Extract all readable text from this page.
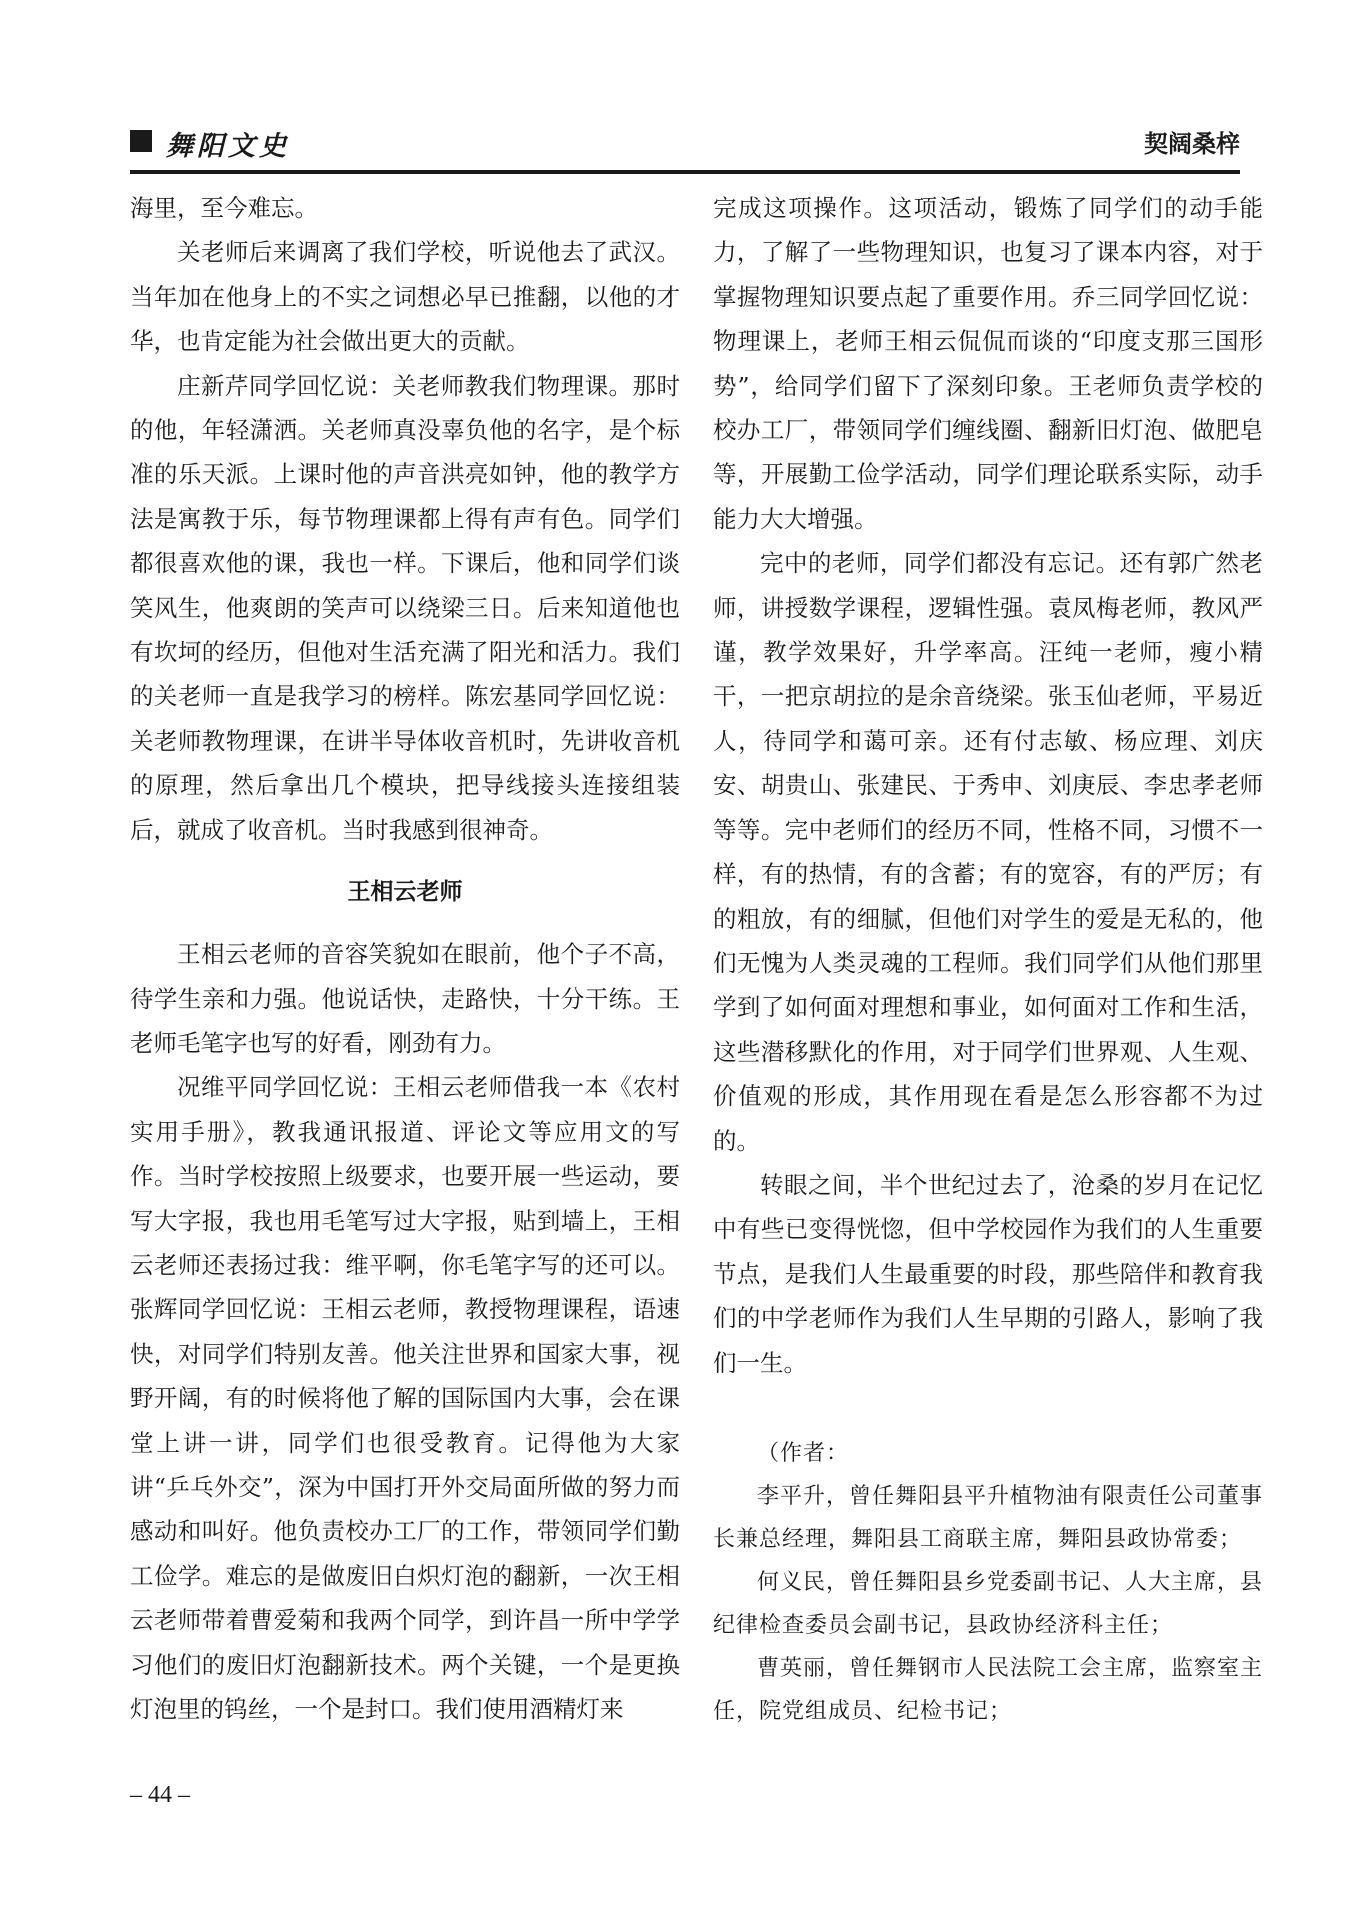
舞阳文史	契阔桑梓

海里，至今难忘。

关老师后来调离了我们学校，听说他去了武汉。当年加在他身上的不实之词想必早已推翻，以他的才华，也肯定能为社会做出更大的贡献。

庄新芹同学回忆说：关老师教我们物理课。那时的他，年轻潇洒。关老师真没辜负他的名字，是个标准的乐天派。上课时他的声音洪亮如钟，他的教学方法是寓教于乐，每节物理课都上得有声有色。同学们都很喜欢他的课，我也一样。下课后，他和同学们谈笑风生，他爽朗的笑声可以绕梁三日。后来知道他也有坎坷的经历，但他对生活充满了阳光和活力。我们的关老师一直是我学习的榜样。陈宏基同学回忆说：关老师教物理课，在讲半导体收音机时，先讲收音机的原理，然后拿出几个模块，把导线接头连接组装后，就成了收音机。当时我感到很神奇。

王相云老师

王相云老师的音容笑貌如在眼前，他个子不高，待学生亲和力强。他说话快，走路快，十分干练。王老师毛笔字也写的好看，刚劲有力。

况维平同学回忆说：王相云老师借我一本《农村实用手册》，教我通讯报道、评论文等应用文的写作。当时学校按照上级要求，也要开展一些运动，要写大字报，我也用毛笔写过大字报，贴到墙上，王相云老师还表扬过我：维平啊，你毛笔字写的还可以。张辉同学回忆说：王相云老师，教授物理课程，语速快，对同学们特别友善。他关注世界和国家大事，视野开阔，有的时候将他了解的国际国内大事，会在课堂上讲一讲，同学们也很受教育。记得他为大家讲“乒乓外交”，深为中国打开外交局面所做的努力而感动和叫好。他负责校办工厂的工作，带领同学们勤工俭学。难忘的是做废旧白炽灯泡的翻新，一次王相云老师带着曹爱菊和我两个同学，到许昌一所中学学习他们的废旧灯泡翻新技术。两个关键，一个是更换灯泡里的钨丝，一个是封口。我们使用酒精灯来

完成这项操作。这项活动，锻炼了同学们的动手能力，了解了一些物理知识，也复习了课本内容，对于掌握物理知识要点起了重要作用。乔三同学回忆说：物理课上，老师王相云侃侃而谈的“印度支那三国形势”，给同学们留下了深刻印象。王老师负责学校的校办工厂，带领同学们缠线圈、翻新旧灯泡、做肥皂等，开展勤工俭学活动，同学们理论联系实际，动手能力大大增强。

完中的老师，同学们都没有忘记。还有郭广然老师，讲授数学课程，逻辑性强。袁凤梅老师，教风严谨，教学效果好，升学率高。汪纯一老师，瘦小精干，一把京胡拉的是余音绕梁。张玉仙老师，平易近人，待同学和蔼可亲。还有付志敏、杨应理、刘庆安、胡贵山、张建民、于秀申、刘庚辰、李忠孝老师等等。完中老师们的经历不同，性格不同，习惯不一样，有的热情，有的含蓄；有的宽容，有的严厉；有的粗放，有的细腻，但他们对学生的爱是无私的，他们无愧为人类灵魂的工程师。我们同学们从他们那里学到了如何面对理想和事业，如何面对工作和生活，这些潜移默化的作用，对于同学们世界观、人生观、价值观的形成，其作用现在看是怎么形容都不为过的。

转眼之间，半个世纪过去了，沧桑的岁月在记忆中有些已变得恍惚，但中学校园作为我们的人生重要节点，是我们人生最重要的时段，那些陪伴和教育我们的中学老师作为我们人生早期的引路人，影响了我们一生。

（作者：

李平升，曾任舞阳县平升植物油有限责任公司董事长兼总经理，舞阳县工商联主席，舞阳县政协常委；

何义民，曾任舞阳县乡党委副书记、人大主席，县纪律检查委员会副书记，县政协经济科主任；

曹英丽，曾任舞钢市人民法院工会主席，监察室主任，院党组成员、纪检书记；

– 44 –
